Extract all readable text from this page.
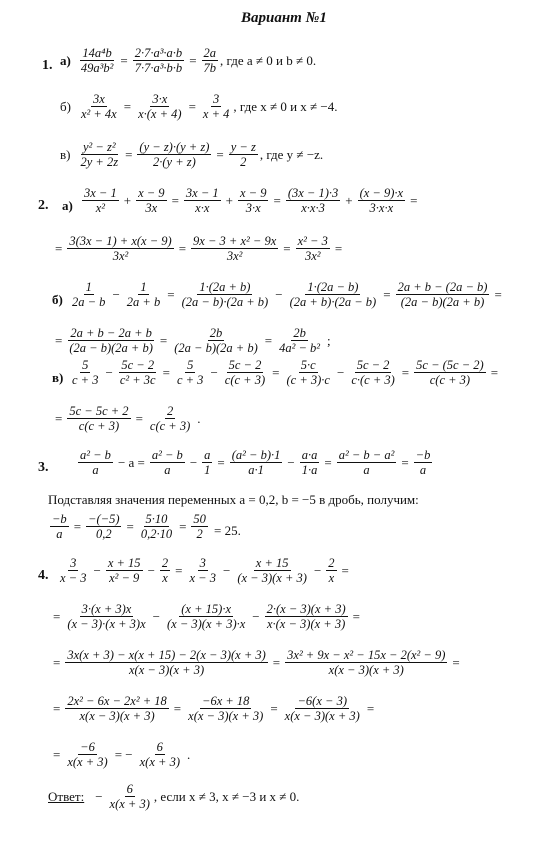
Вариант №1
1. $а) \frac{\text{14a⁴b}}{\text{49a³b²}} = \frac{\text{2·7·a³·a·b}}{\text{7·7·a³·b·b}} = \frac{2a}{7b}$ , где a ≠ 0 и b ≠ 0.
$б) \frac{3x}{\text{x² + 4x}} = \frac{3\cdot x}{x\cdot(x + 4)} = \frac{3}{x + 4}$ , где x ≠ 0 и x ≠ −4.
$в) \frac{\text{y² − z²}}{2y + 2z} = \frac{(y - z)\cdot(y + z)}{2\cdot(y + z)} = \frac{y - z}{2}$ , где y ≠ −z.
2. а)
3x − 1
x²
+ $\frac{x - 9}{3x} = \frac{3x - 1}{x\cdot x} + \frac{x - 9}{3\cdot x} = \frac{(3x - 1)\cdot 3}{x\cdot x\cdot 3} + \frac{(x - 9)\cdot x}{3\cdot x\cdot x}$ =
= $\frac{3(3x - 1) + x(x - 9)}{\text{3x²}} = \frac{\text{9x − 3 + x² − 9x}}{\text{3x²}} = \frac{\text{x² − 3}}{\text{3x²}}$ =
б)
1
2a − b
− $\frac{1}{2a + b} = \frac{1\cdot(2a + b)}{(2a - b)\cdot(2a + b)} - \frac{1\cdot(2a - b)}{(2a + b)\cdot(2a - b)} = \frac{2a + b - (2a - b)}{(2a - b)(2a + b)}$ =
= $\frac{2a + b - 2a + b}{(2a - b)(2a + b)} = \frac{2b}{(2a - b)(2a + b)} = \frac{2b}{\text{4a² − b²}}$ ;
в)
5
c + 3
− $\frac{5c - 2}{\text{c² + 3c}} = \frac{5}{c + 3} - \frac{5c - 2}{c(c + 3)} = \frac{5\cdot c}{(c + 3)\cdot c} - \frac{5c - 2}{c\cdot(c + 3)} = \frac{5c - (5c - 2)}{c(c + 3)}$ =
= $\frac{5c - 5c + 2}{c(c + 3)} = \frac{2}{c(c + 3)}$ .
3.
a² − b
a
− $a = \frac{\text{a² − b}}{a} - \frac{a}{1} = \frac{\text{(a² − b)·1}}{a\cdot 1} - \frac{a\cdot a}{1\cdot a} = \frac{\text{a² − b − a²}}{a} = \frac{-b}{a}$
Подставляя значения переменных a = 0,2, b = −5 в дробь, получим:
$\frac{-b}{a} = \frac{-(-5)}{0,2} = \frac{5\cdot 10}{0,2\cdot 10} = \frac{50}{2} = 25$.
4.
3
x − 3
− $\frac{x + 15}{\text{x² − 9}} - \frac{2}{x} = \frac{3}{x - 3} - \frac{x + 15}{(x - 3)(x + 3)} - \frac{2}{x}$ =
= $\frac{3\cdot(x + 3)x}{(x - 3)\cdot(x + 3)x} - \frac{(x + 15)\cdot x}{(x - 3)(x + 3)\cdot x} - \frac{2\cdot(x - 3)(x + 3)}{x\cdot(x - 3)(x + 3)}$ =
= $\frac{3x(x + 3) - x(x + 15) - 2(x - 3)(x + 3)}{x(x - 3)(x + 3)} = \frac{\text{3x² + 9x − x² − 15x − 2(x² − 9)}}{x(x - 3)(x + 3)}$ =
= $\frac{\text{2x² − 6x − 2x² + 18}}{x(x - 3)(x + 3)} = \frac{-6x + 18}{x(x - 3)(x + 3)} = \frac{-6(x - 3)}{x(x - 3)(x + 3)}$ =
= $\frac{-6}{x(x + 3)}$ = − $\frac{6}{x(x + 3)}$ .
Ответ: − $\frac{6}{x(x + 3)}$ , если x ≠ 3, x ≠ −3 и x ≠ 0.
